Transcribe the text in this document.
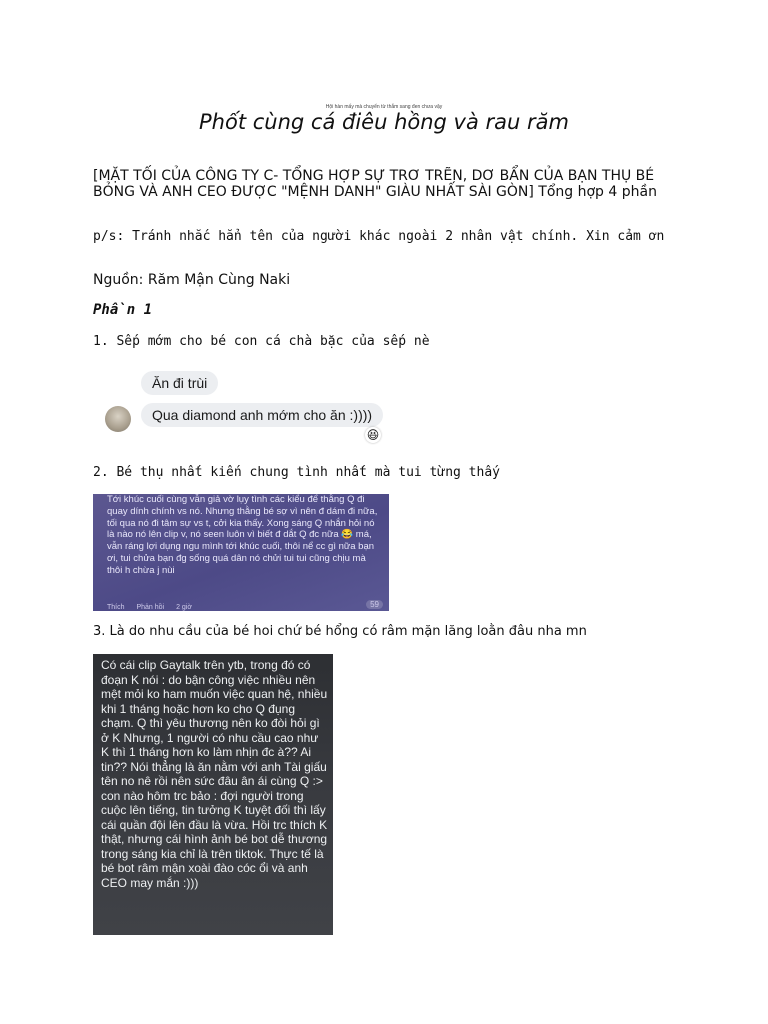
Hội hàn mấy mà chuyển từ thắm sang đen chưa vậy
Phốt cùng cá điêu hồng và rau răm
[MẶT TỐI CỦA CÔNG TY C- TỔNG HỢP SỰ TRƠ TRẼN, DƠ BẨN CỦA BẠN THỤ BÉ BỎNG VÀ ANH CEO ĐƯỢC "MỆNH DANH" GIÀU NHẤT SÀI GÒN] Tổng hợp 4 phần
p/s: Tránh nhắc hẳn tên của người khác ngoài 2 nhân vật chính. Xin cảm ơn
Nguồn: Răm Mận Cùng Naki
Phần 1
1. Sếp mớm cho bé con cá chà bặc của sếp nè
Ăn đi trùi
Qua diamond anh mớm cho ăn :))))
😆
2. Bé thụ nhất kiến chung tình nhất mà tui từng thấy
Tới khúc cuối cùng vẫn giả vờ lụy tình các kiểu để thằng Q đi quay dính chính vs nó. Nhưng thằng bé sợ vì nên đ dám đi nữa, tối qua nó đi tâm sự vs t, cởi kia thấy. Xong sáng Q nhắn hỏi nó là nào nó lên clip v, nó seen luôn vì biết đ dắt Q đc nữa 😂 má, vẫn ráng lợi dụng ngu mình tới khúc cuối, thôi nể cc gì nữa bạn ơi, tui chửa bạn đg sống quá dân nó chửi tui tui cũng chịu mà thôi h chừa j nùi
Thích Phản hồi 2 giờ	59
3. Là do nhu cầu của bé hoi chứ bé hổng có râm mặn lăng loằn đâu nha mn
Có cái clip Gaytalk trên ytb, trong đó có đoạn K nói : do bận công việc nhiều nên mệt mỏi ko ham muốn việc quan hệ, nhiều khi 1 tháng hoặc hơn ko cho Q đụng chạm. Q thì yêu thương nên ko đòi hỏi gì ở K Nhưng, 1 người có nhu cầu cao như K thì 1 tháng hơn ko làm nhịn đc à?? Ai tin?? Nói thẳng là ăn nằm với anh Tài giấu tên no nê rồi nên sức đâu ân ái cùng Q :> con nào hôm trc bảo : đợi người trong cuộc lên tiếng, tin tưởng K tuyệt đối thì lấy cái quần đội lên đầu là vừa. Hồi trc thích K thật, nhưng cái hình ảnh bé bot dễ thương trong sáng kia chỉ là trên tiktok. Thực tế là bé bot râm mận xoài đào cóc ổi và anh CEO may mắn :)))
